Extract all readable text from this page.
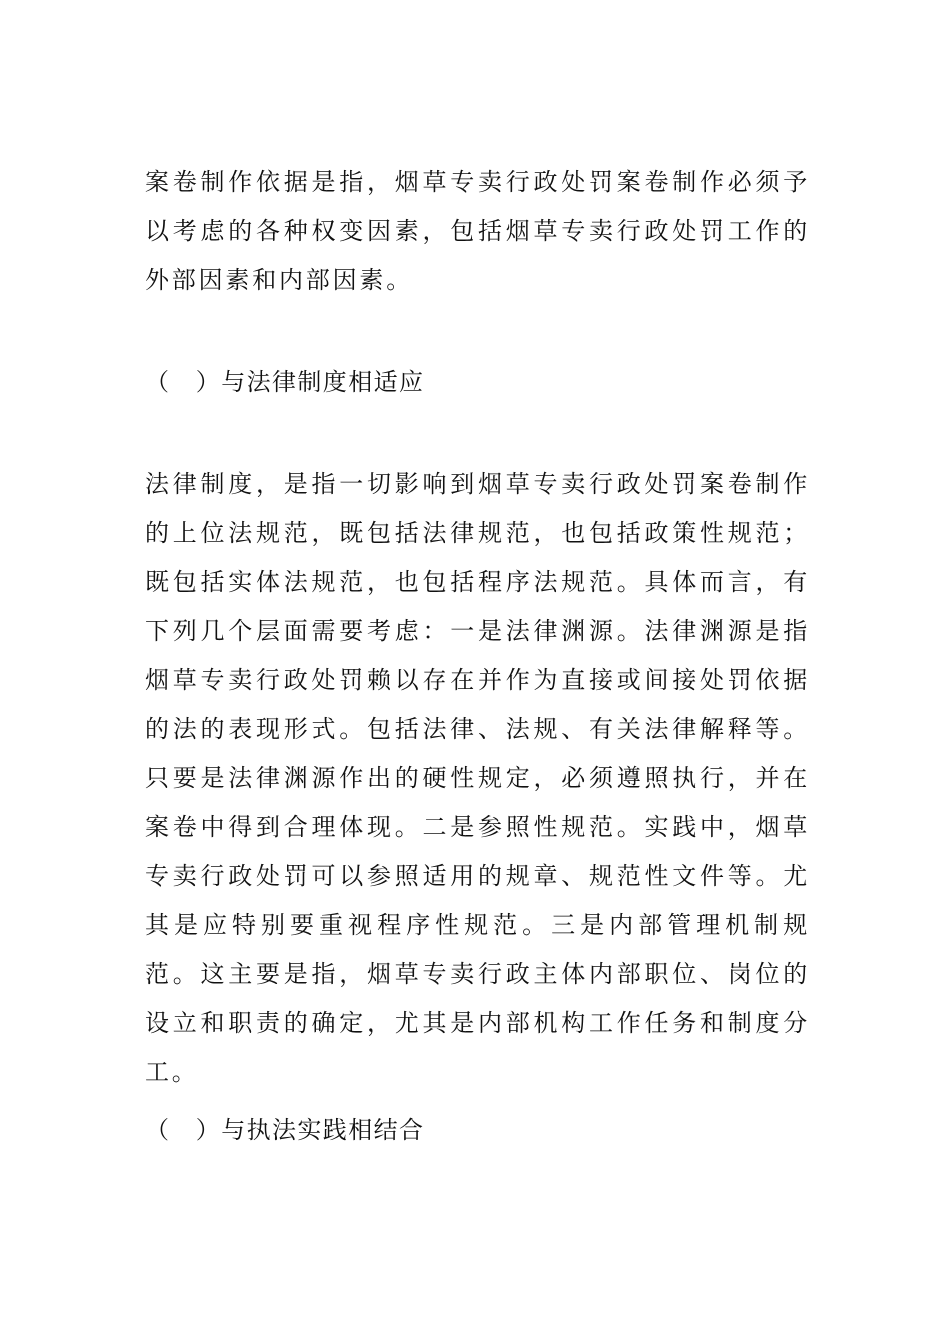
案卷制作依据是指，烟草专卖行政处罚案卷制作必须予以考虑的各种权变因素，包括烟草专卖行政处罚工作的外部因素和内部因素。

（　）与法律制度相适应

法律制度，是指一切影响到烟草专卖行政处罚案卷制作的上位法规范，既包括法律规范，也包括政策性规范；既包括实体法规范，也包括程序法规范。具体而言，有下列几个层面需要考虑：一是法律渊源。法律渊源是指烟草专卖行政处罚赖以存在并作为直接或间接处罚依据的法的表现形式。包括法律、法规、有关法律解释等。只要是法律渊源作出的硬性规定，必须遵照执行，并在案卷中得到合理体现。二是参照性规范。实践中，烟草专卖行政处罚可以参照适用的规章、规范性文件等。尤其是应特别要重视程序性规范。三是内部管理机制规范。这主要是指，烟草专卖行政主体内部职位、岗位的设立和职责的确定，尤其是内部机构工作任务和制度分工。

（　）与执法实践相结合
